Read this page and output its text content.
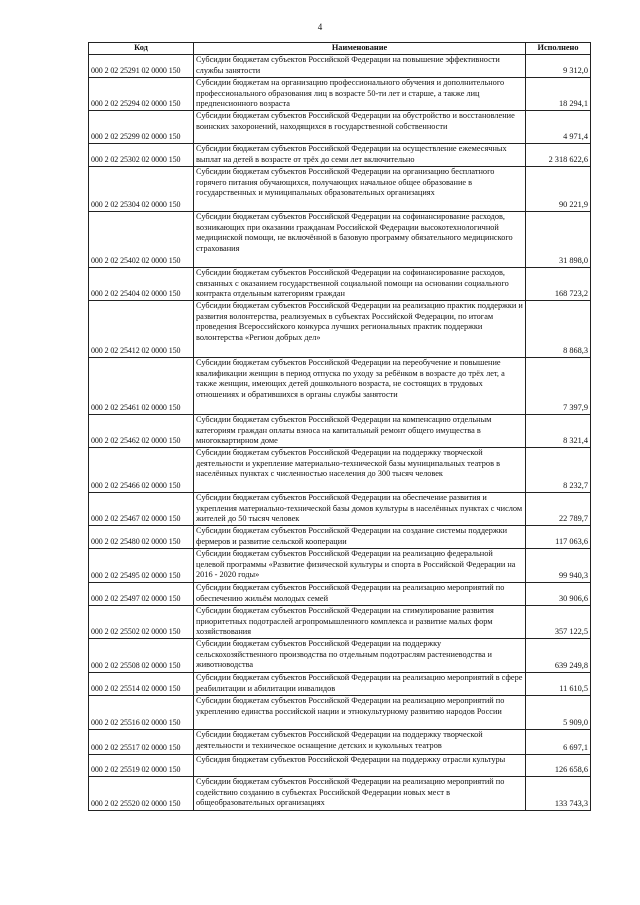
4
Код	Наименование	Исполнено
000 2 02 25291 02 0000 150	Субсидии бюджетам субъектов Российской Федерации на повышение эффективности службы занятости	9 312,0
000 2 02 25294 02 0000 150	Субсидии бюджетам на организацию профессионального обучения и дополнительного профессионального образования лиц в возрасте 50-ти лет и старше, а также лиц предпенсионного возраста	18 294,1
000 2 02 25299 02 0000 150	Субсидии бюджетам субъектов Российской Федерации на обустройство и восстановление воинских захоронений, находящихся в государственной собственности	4 971,4
000 2 02 25302 02 0000 150	Субсидии бюджетам субъектов Российской Федерации на осуществление ежемесячных выплат на детей в возрасте от трёх до семи лет включительно	2 318 622,6
000 2 02 25304 02 0000 150	Субсидии бюджетам субъектов Российской Федерации на организацию бесплатного горячего питания обучающихся, получающих начальное общее образование в государственных и муниципальных образовательных организациях	90 221,9
000 2 02 25402 02 0000 150	Субсидии бюджетам субъектов Российской Федерации на софинансирование расходов, возникающих при оказании гражданам Российской Федерации высокотехнологичной медицинской помощи, не включённой в базовую программу обязательного медицинского страхования	31 898,0
000 2 02 25404 02 0000 150	Субсидии бюджетам субъектов Российской Федерации на софинансирование расходов, связанных с оказанием государственной социальной помощи на основании социального контракта отдельным категориям граждан	168 723,2
000 2 02 25412 02 0000 150	Субсидии бюджетам субъектов Российской Федерации на реализацию практик поддержки и развития волонтерства, реализуемых в субъектах Российской Федерации, по итогам проведения Всероссийского конкурса лучших региональных практик поддержки волонтерства «Регион добрых дел»	8 868,3
000 2 02 25461 02 0000 150	Субсидии бюджетам субъектов Российской Федерации на переобучение и повышение квалификации женщин в период отпуска по уходу за ребёнком в возрасте до трёх лет, а также женщин, имеющих детей дошкольного возраста, не состоящих в трудовых отношениях и обратившихся в органы службы занятости	7 397,9
000 2 02 25462 02 0000 150	Субсидии бюджетам субъектов Российской Федерации на компенсацию отдельным категориям граждан оплаты взноса на капитальный ремонт общего имущества в многоквартирном доме	8 321,4
000 2 02 25466 02 0000 150	Субсидии бюджетам субъектов Российской Федерации на поддержку творческой деятельности и укрепление материально-технической базы муниципальных театров в населённых пунктах с численностью населения до 300 тысяч человек	8 232,7
000 2 02 25467 02 0000 150	Субсидии бюджетам субъектов Российской Федерации на обеспечение развития и укрепления материально-технической базы домов культуры в населённых пунктах с числом жителей до 50 тысяч человек	22 789,7
000 2 02 25480 02 0000 150	Субсидии бюджетам субъектов Российской Федерации на создание системы поддержки фермеров и развитие сельской кооперации	117 063,6
000 2 02 25495 02 0000 150	Субсидии бюджетам субъектов Российской Федерации на реализацию федеральной целевой программы «Развитие физической культуры и спорта в Российской Федерации на 2016 - 2020 годы»	99 940,3
000 2 02 25497 02 0000 150	Субсидии бюджетам субъектов Российской Федерации на реализацию мероприятий по обеспечению жильём молодых семей	30 906,6
000 2 02 25502 02 0000 150	Субсидии бюджетам субъектов Российской Федерации на стимулирование развития приоритетных подотраслей агропромышленного комплекса и развитие малых форм хозяйствования	357 122,5
000 2 02 25508 02 0000 150	Субсидии бюджетам субъектов Российской Федерации на поддержку сельскохозяйственного производства по отдельным подотраслям растениеводства и животноводства	639 249,8
000 2 02 25514 02 0000 150	Субсидии бюджетам субъектов Российской Федерации на реализацию мероприятий в сфере реабилитации и абилитации инвалидов	11 610,5
000 2 02 25516 02 0000 150	Субсидии бюджетам субъектов Российской Федерации на реализацию мероприятий по укреплению единства российской нации и этнокультурному развитию народов России	5 909,0
000 2 02 25517 02 0000 150	Субсидии бюджетам субъектов Российской Федерации на поддержку творческой деятельности и техническое оснащение детских и кукольных театров	6 697,1
000 2 02 25519 02 0000 150	Субсидия бюджетам субъектов Российской Федерации на поддержку отрасли культуры	126 658,6
000 2 02 25520 02 0000 150	Субсидии бюджетам субъектов Российской Федерации на реализацию мероприятий по содействию созданию в субъектах Российской Федерации новых мест в общеобразовательных организациях	133 743,3
